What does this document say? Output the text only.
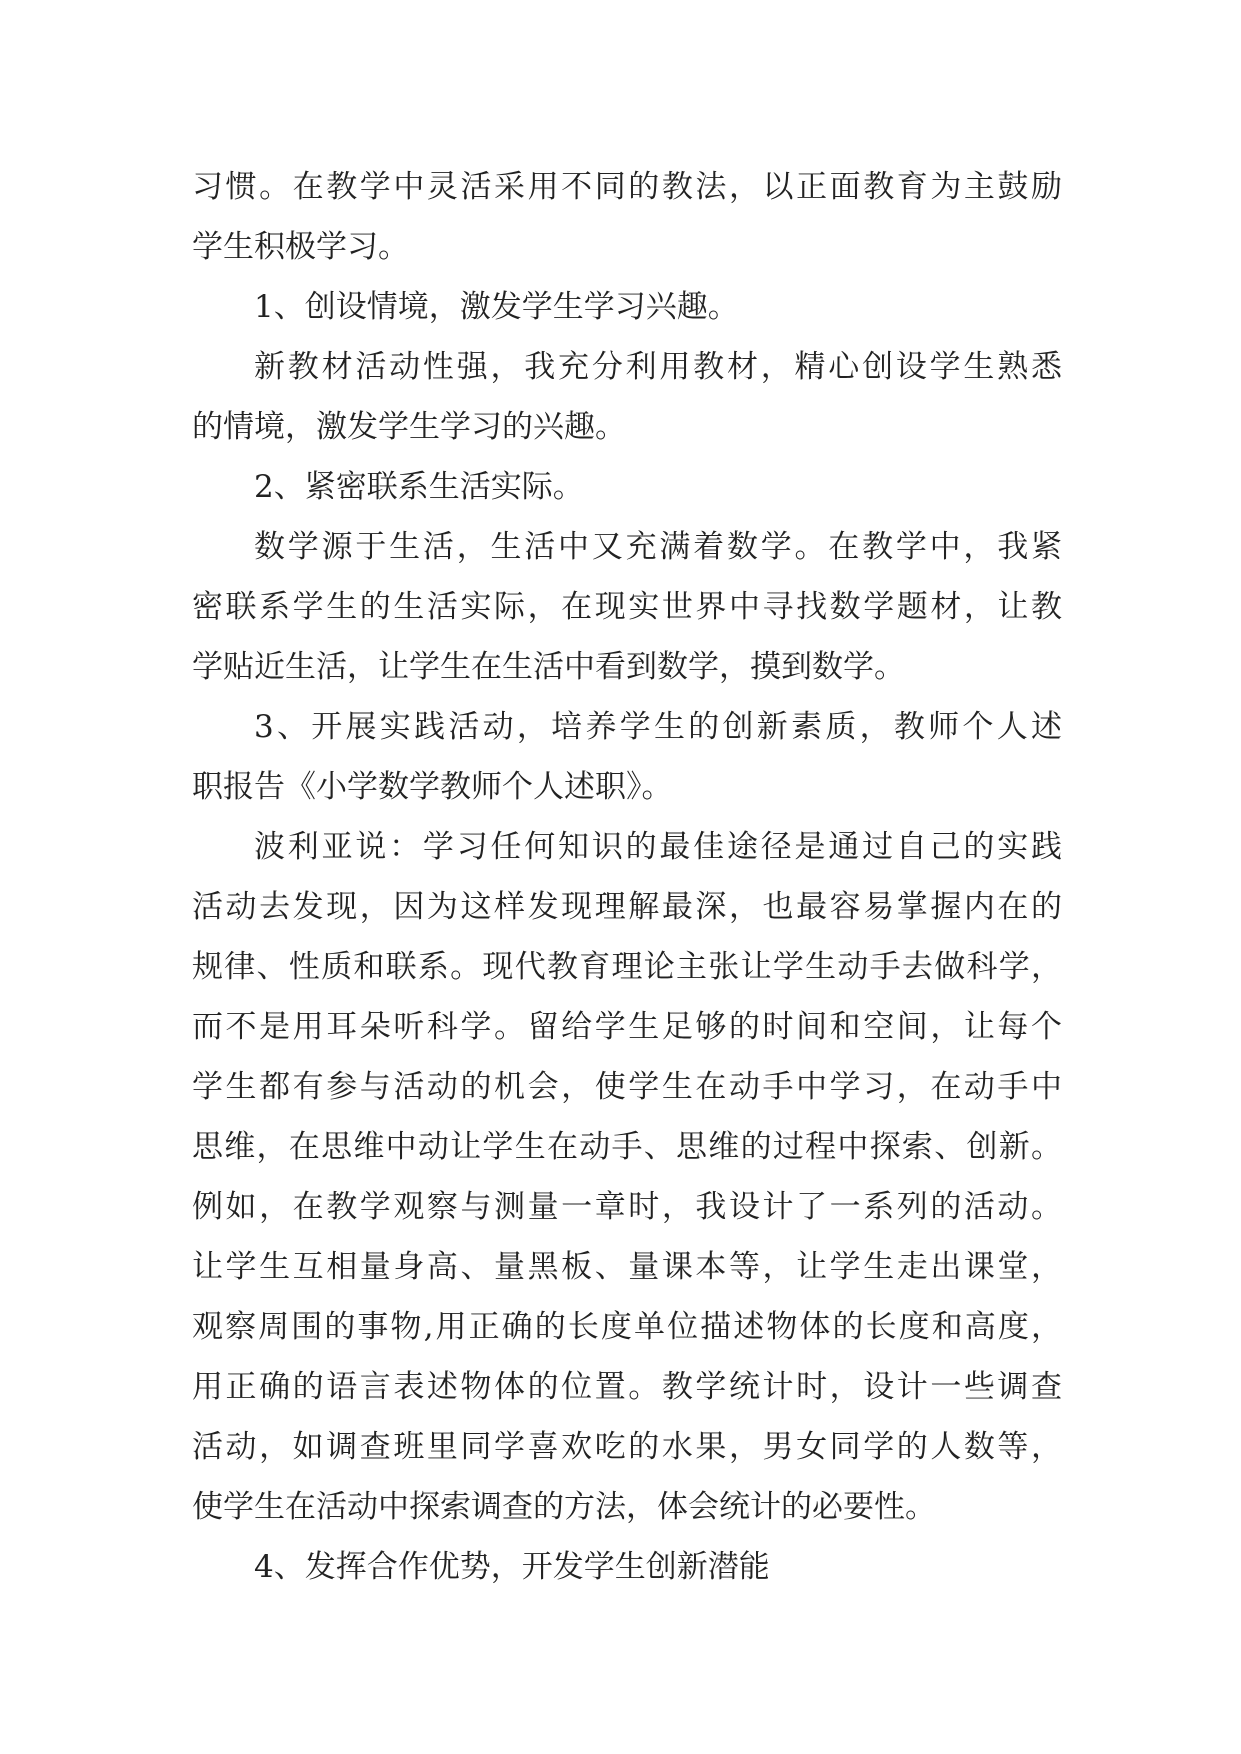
习惯。在教学中灵活采用不同的教法，以正面教育为主鼓励
学生积极学习。
1、创设情境，激发学生学习兴趣。
新教材活动性强，我充分利用教材，精心创设学生熟悉
的情境，激发学生学习的兴趣。
2、紧密联系生活实际。
数学源于生活，生活中又充满着数学。在教学中，我紧
密联系学生的生活实际，在现实世界中寻找数学题材，让教
学贴近生活，让学生在生活中看到数学，摸到数学。
3、开展实践活动，培养学生的创新素质，教师个人述
职报告《小学数学教师个人述职》。
波利亚说：学习任何知识的最佳途径是通过自己的实践
活动去发现，因为这样发现理解最深，也最容易掌握内在的
规律、性质和联系。现代教育理论主张让学生动手去做科学，
而不是用耳朵听科学。留给学生足够的时间和空间，让每个
学生都有参与活动的机会，使学生在动手中学习，在动手中
思维，在思维中动让学生在动手、思维的过程中探索、创新。
例如，在教学观察与测量一章时，我设计了一系列的活动。
让学生互相量身高、量黑板、量课本等，让学生走出课堂，
观察周围的事物,用正确的长度单位描述物体的长度和高度，
用正确的语言表述物体的位置。教学统计时，设计一些调查
活动，如调查班里同学喜欢吃的水果，男女同学的人数等，
使学生在活动中探索调查的方法，体会统计的必要性。
4、发挥合作优势，开发学生创新潜能
